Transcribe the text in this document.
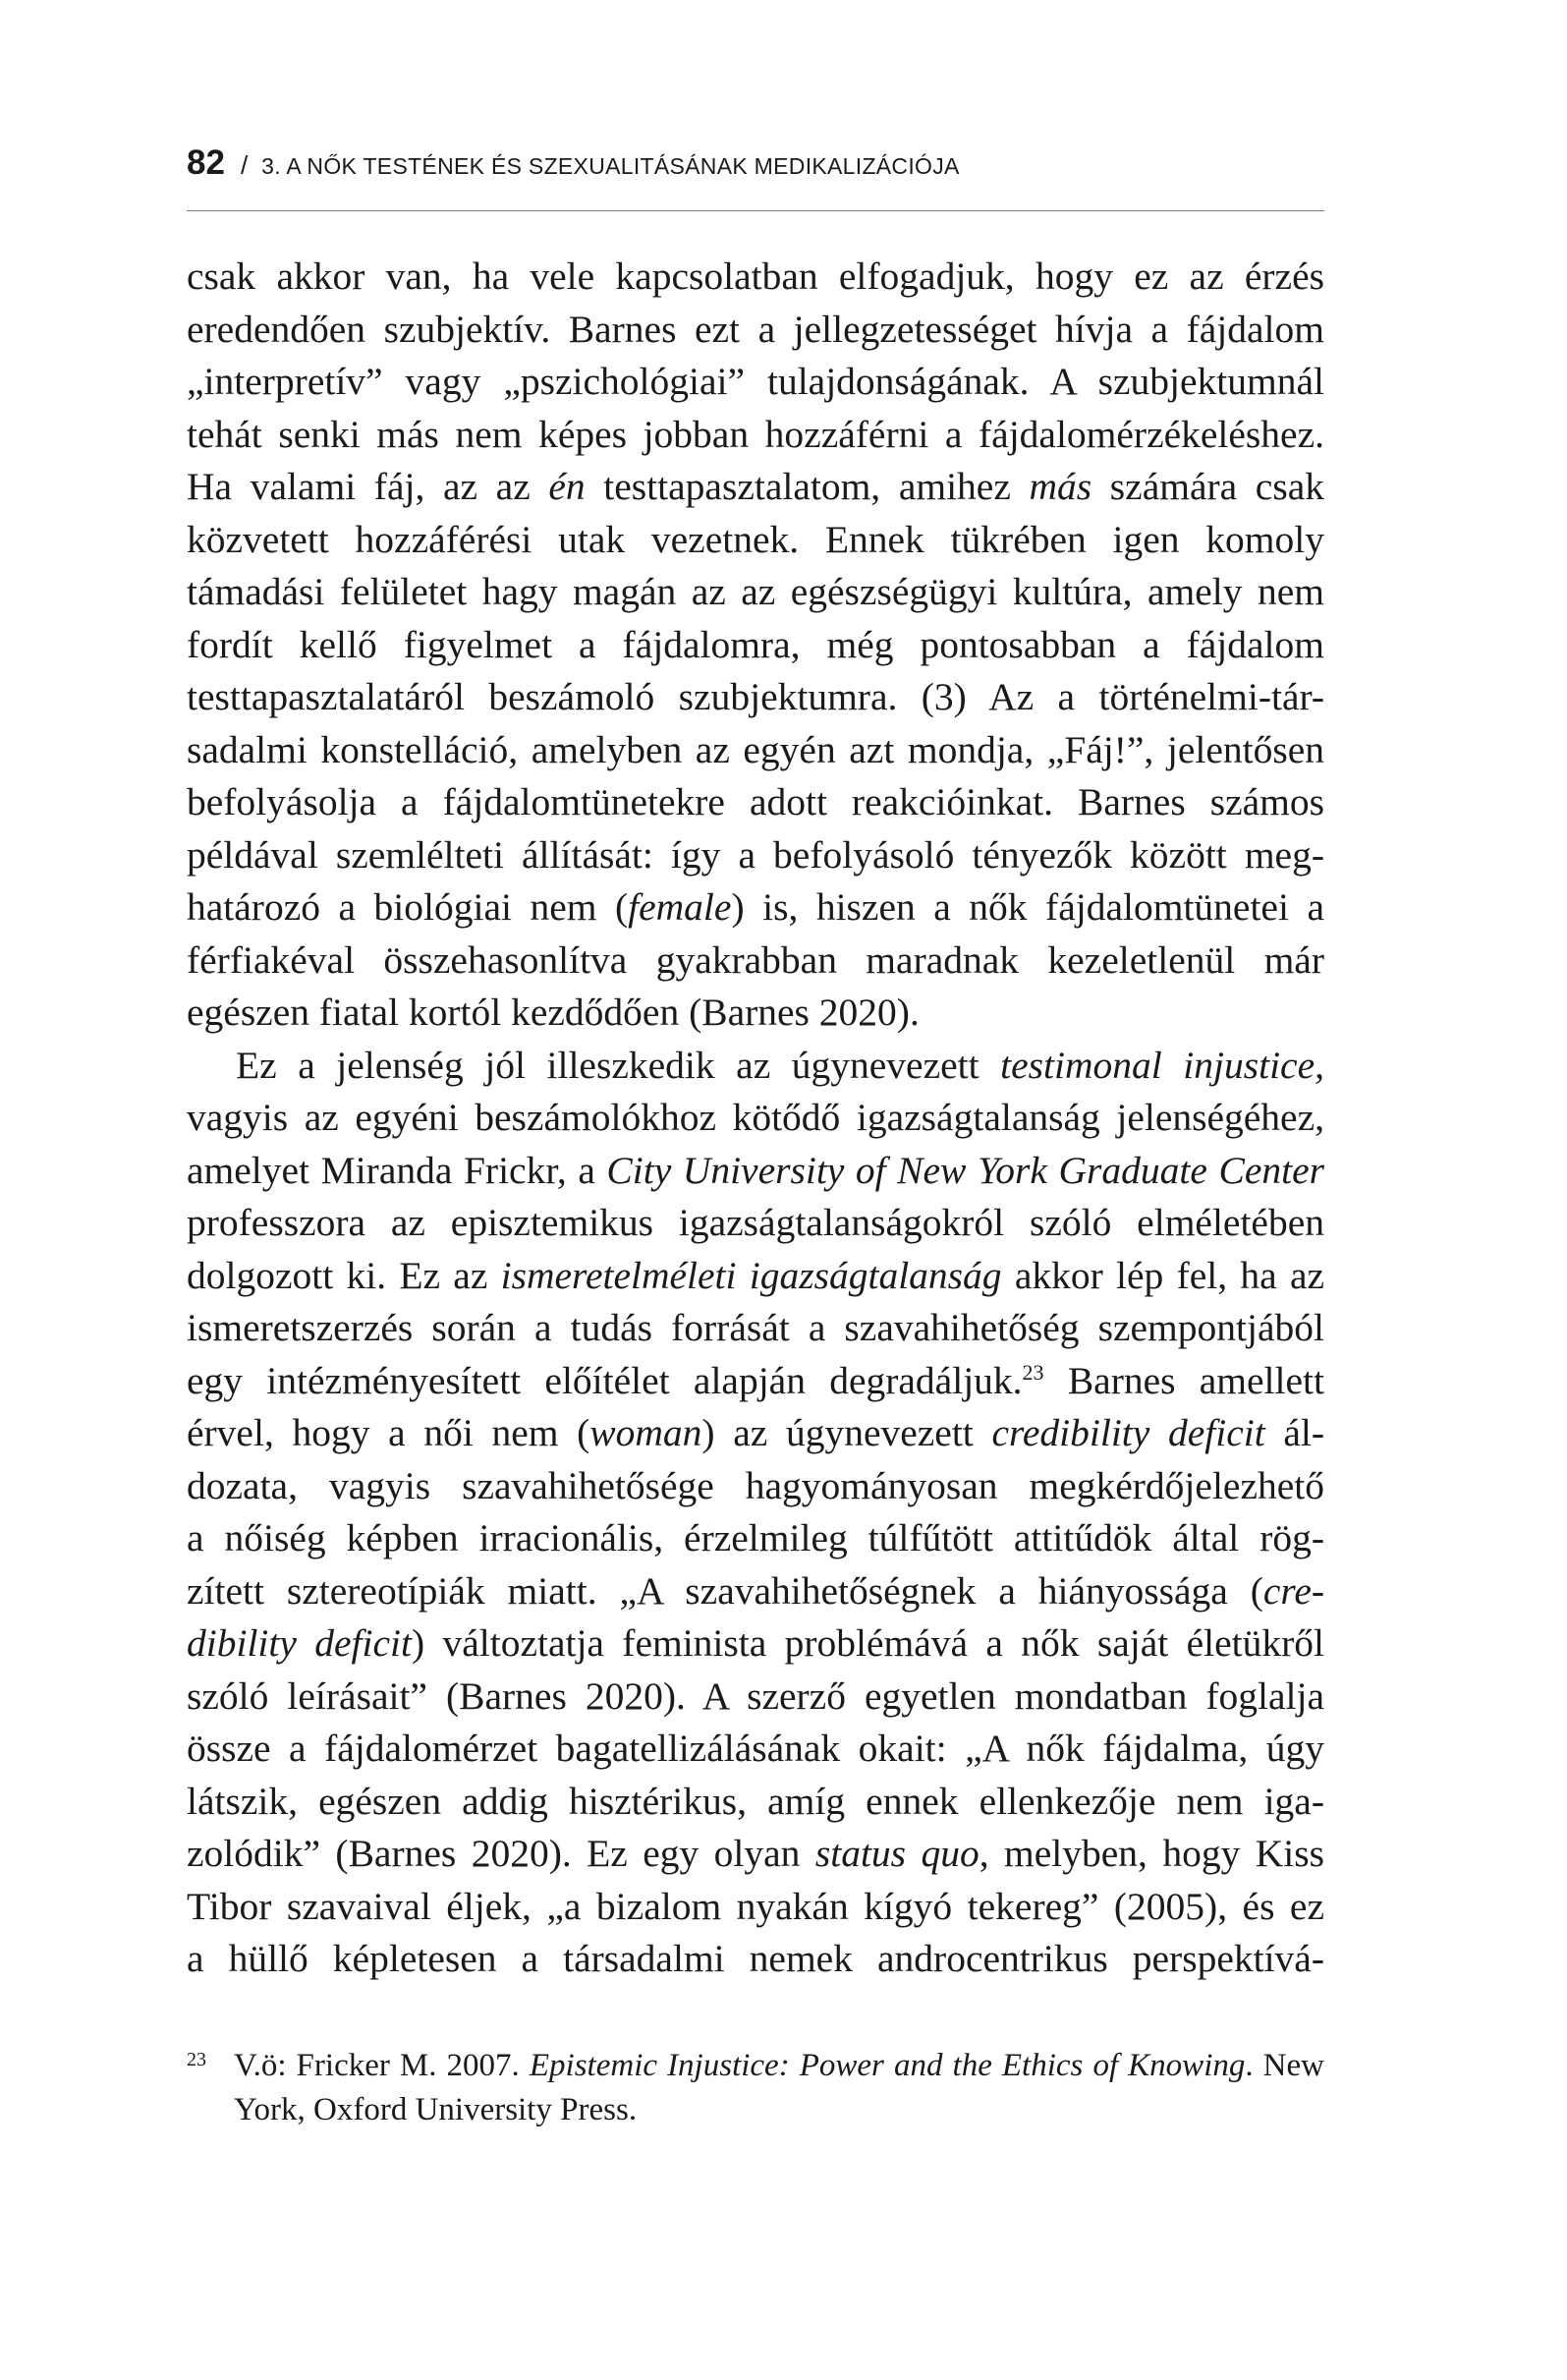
82 / 3. A NŐK TESTÉNEK ÉS SZEXUALITÁSÁNAK MEDIKALIZÁCIÓJA
csak akkor van, ha vele kapcsolatban elfogadjuk, hogy ez az érzés
eredendően szubjektív. Barnes ezt a jellegzetességet hívja a fájdalom
„interpretív” vagy „pszichológiai” tulajdonságának. A szubjektumnál
tehát senki más nem képes jobban hozzáférni a fájdalomérzékeléshez.
Ha valami fáj, az az én testtapasztalatom, amihez más számára csak
közvetett hozzáférési utak vezetnek. Ennek tükrében igen komoly
támadási felületet hagy magán az az egészségügyi kultúra, amely nem
fordít kellő figyelmet a fájdalomra, még pontosabban a fájdalom
testtapasztalatáról beszámoló szubjektumra. (3) Az a történelmi-tár-
sadalmi konstelláció, amelyben az egyén azt mondja, „Fáj!”, jelentősen
befolyásolja a fájdalomtünetekre adott reakcióinkat. Barnes számos
példával szemlélteti állítását: így a befolyásoló tényezők között meg-
határozó a biológiai nem (female) is, hiszen a nők fájdalomtünetei a
férfiakéval összehasonlítva gyakrabban maradnak kezeletlenül már
egészen fiatal kortól kezdődően (Barnes 2020).
Ez a jelenség jól illeszkedik az úgynevezett testimonal injustice,
vagyis az egyéni beszámolókhoz kötődő igazságtalanság jelenségéhez,
amelyet Miranda Frickr, a City University of New York Graduate Center
professzora az episztemikus igazságtalanságokról szóló elméletében
dolgozott ki. Ez az ismeretelméleti igazságtalanság akkor lép fel, ha az
ismeretszerzés során a tudás forrását a szavahihetőség szempontjából
egy intézményesített előítélet alapján degradáljuk.$^{23}$ Barnes amellett
érvel, hogy a női nem (woman) az úgynevezett credibility deficit ál-
dozata, vagyis szavahihetősége hagyományosan megkérdőjelezhető
a nőiség képben irracionális, érzelmileg túlfűtött attitűdök által rög-
zített sztereotípiák miatt. „A szavahihetőségnek a hiányossága (cre-
dibility deficit) változtatja feminista problémává a nők saját életükről
szóló leírásait” (Barnes 2020). A szerző egyetlen mondatban foglalja
össze a fájdalomérzet bagatellizálásának okait: „A nők fájdalma, úgy
látszik, egészen addig hisztérikus, amíg ennek ellenkezője nem iga-
zolódik” (Barnes 2020). Ez egy olyan status quo, melyben, hogy Kiss
Tibor szavaival éljek, „a bizalom nyakán kígyó tekereg” (2005), és ez
a hüllő képletesen a társadalmi nemek androcentrikus perspektívá-
23 V.ö: Fricker M. 2007. Epistemic Injustice: Power and the Ethics of Knowing. New
York, Oxford University Press.
